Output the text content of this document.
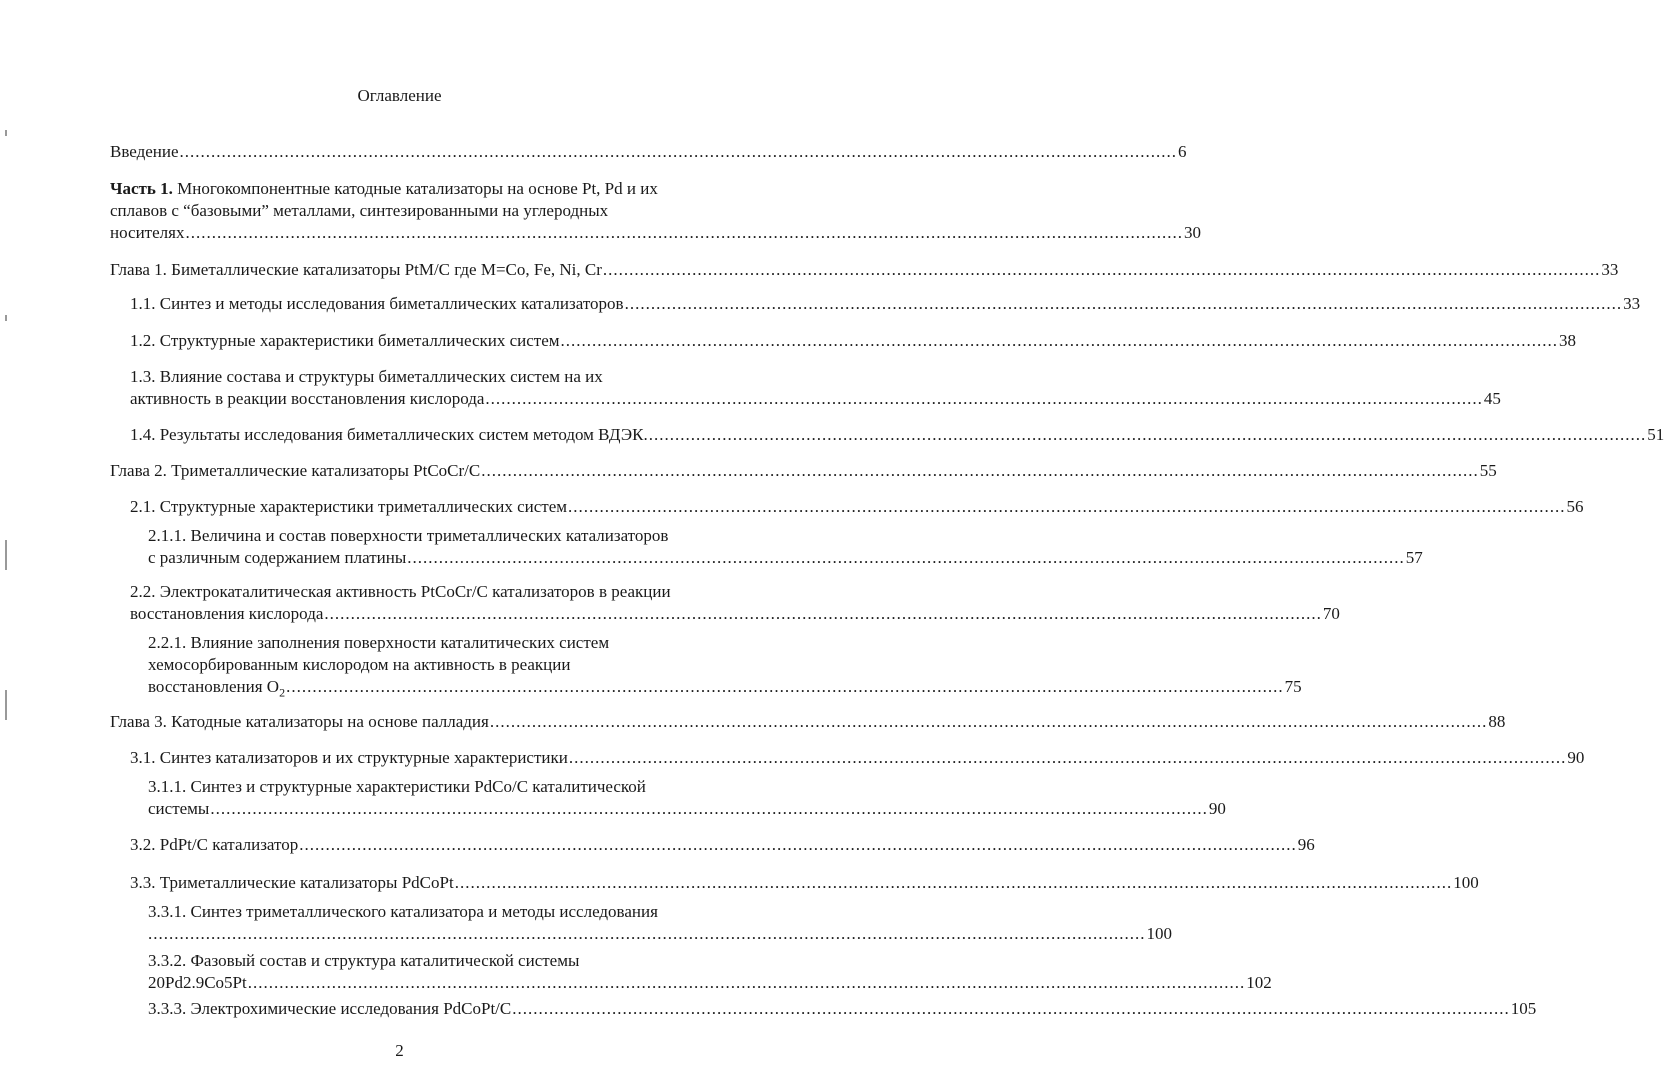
Оглавление
Введение .............................................................................................................................................................................................. 6
Часть 1. Многокомпонентные катодные катализаторы на основе Pt, Pd и их
сплавов с “базовыми” металлами, синтезированными на углеродных
носителях .............................................................................................................................................................................................. 30
Глава 1. Биметаллические катализаторы PtM/C где M=Co, Fe, Ni, Cr .............................................................................................................................................................................................. 33
1.1. Синтез и методы исследования биметаллических катализаторов .............................................................................................................................................................................................. 33
1.2. Структурные характеристики биметаллических систем .............................................................................................................................................................................................. 38
1.3. Влияние состава и структуры биметаллических систем на их
активность в реакции восстановления кислорода .............................................................................................................................................................................................. 45
1.4. Результаты исследования биметаллических систем методом ВДЭК. .............................................................................................................................................................................................. 51
Глава 2. Триметаллические катализаторы PtCoCr/C .............................................................................................................................................................................................. 55
2.1. Структурные характеристики триметаллических систем .............................................................................................................................................................................................. 56
2.1.1. Величина и состав поверхности триметаллических катализаторов
с различным содержанием платины .............................................................................................................................................................................................. 57
2.2. Электрокаталитическая активность PtCoCr/C катализаторов в реакции
восстановления кислорода .............................................................................................................................................................................................. 70
2.2.1. Влияние заполнения поверхности каталитических систем
хемосорбированным кислородом на активность в реакции
восстановления $O_2$ .............................................................................................................................................................................................. 75
Глава 3. Катодные катализаторы на основе палладия .............................................................................................................................................................................................. 88
3.1. Синтез катализаторов и их структурные характеристики .............................................................................................................................................................................................. 90
3.1.1. Синтез и структурные характеристики PdCo/C каталитической
системы .............................................................................................................................................................................................. 90
3.2. PdPt/C катализатор .............................................................................................................................................................................................. 96
3.3. Триметаллические катализаторы PdCoPt .............................................................................................................................................................................................. 100
3.3.1. Синтез триметаллического катализатора и методы исследования
.............................................................................................................................................................................................. 100
3.3.2. Фазовый состав и структура каталитической системы
20Pd2.9Co5Pt .............................................................................................................................................................................................. 102
3.3.3. Электрохимические исследования PdCoPt/C .............................................................................................................................................................................................. 105
2
